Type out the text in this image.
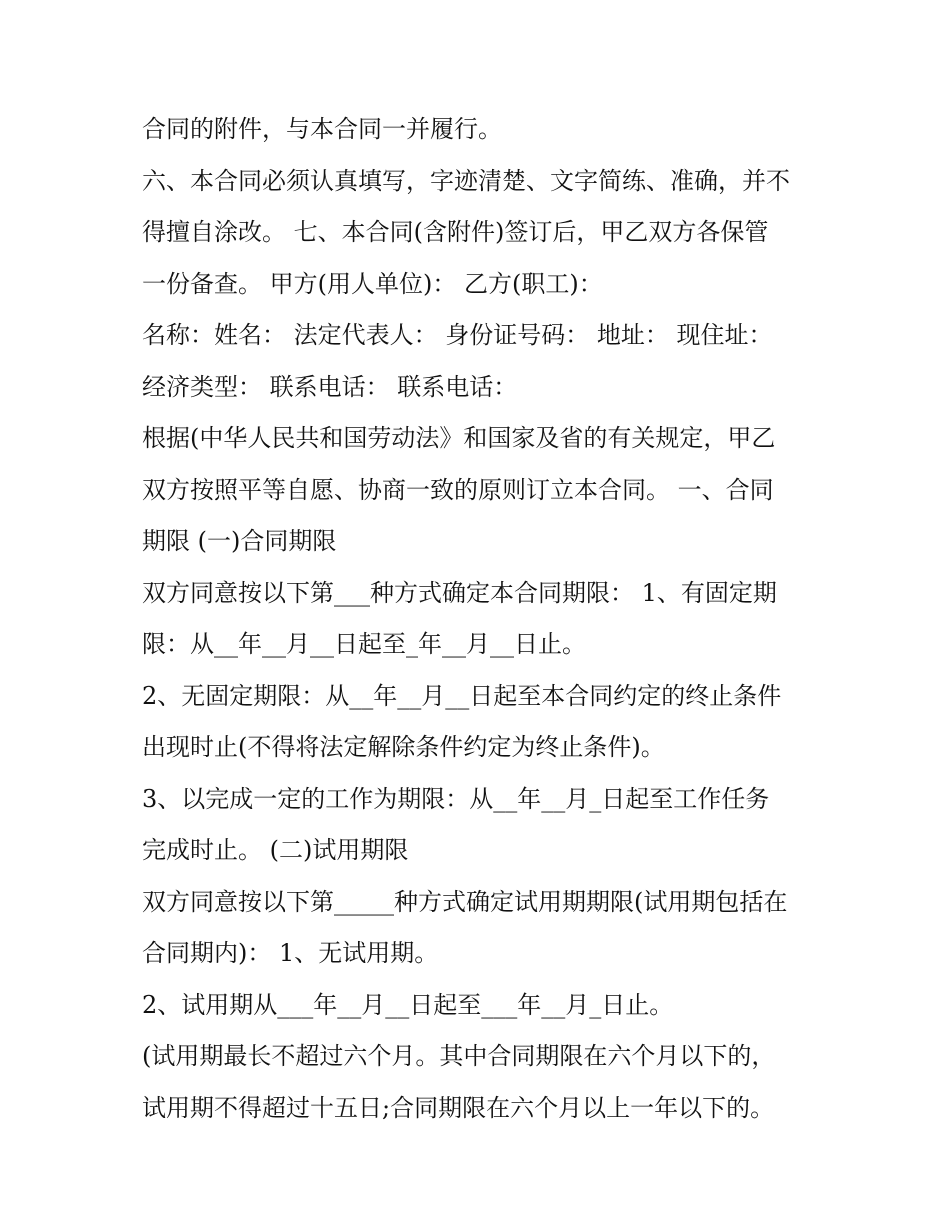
合同的附件，与本合同一并履行。
六、本合同必须认真填写，字迹清楚、文字简练、准确，并不
得擅自涂改。 七、本合同(含附件)签订后，甲乙双方各保管
一份备查。 甲方(用人单位)： 乙方(职工)：
名称：姓名： 法定代表人： 身份证号码： 地址： 现住址：
经济类型： 联系电话： 联系电话：
根据(中华人民共和国劳动法》和国家及省的有关规定，甲乙
双方按照平等自愿、协商一致的原则订立本合同。 一、合同
期限 (一)合同期限
双方同意按以下第___种方式确定本合同期限： 1、有固定期
限：从__年__月__日起至_年__月__日止。
2、无固定期限：从__年__月__日起至本合同约定的终止条件
出现时止(不得将法定解除条件约定为终止条件)。
3、以完成一定的工作为期限：从__年__月_日起至工作任务
完成时止。 (二)试用期限
双方同意按以下第_____种方式确定试用期期限(试用期包括在
合同期内)： 1、无试用期。
2、试用期从___年__月__日起至___年__月_日止。
(试用期最长不超过六个月。其中合同期限在六个月以下的，
试用期不得超过十五日;合同期限在六个月以上一年以下的。
